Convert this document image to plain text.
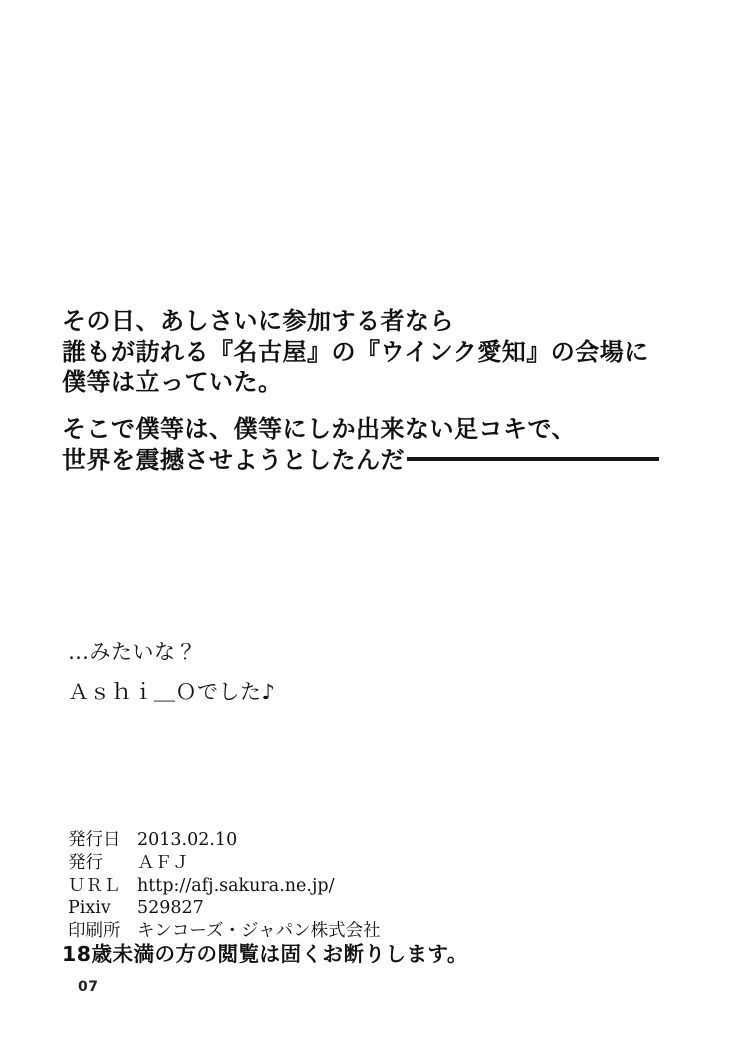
その日、あしさいに参加する者なら
誰もが訪れる『名古屋』の『ウインク愛知』の会場に
僕等は立っていた。
そこで僕等は、僕等にしか出来ない足コキで、
世界を震撼させようとしたんだ
…みたいな？
Ａｓｈｉ＿Ｏでした♪
発行日 2013.02.10
発行	ＡＦＪ
ＵＲＬ http://afj.sakura.ne.jp/
Pixiv	529827
印刷所 キンコーズ・ジャパン株式会社
18歳未満の方の閲覧は固くお断りします。
07
